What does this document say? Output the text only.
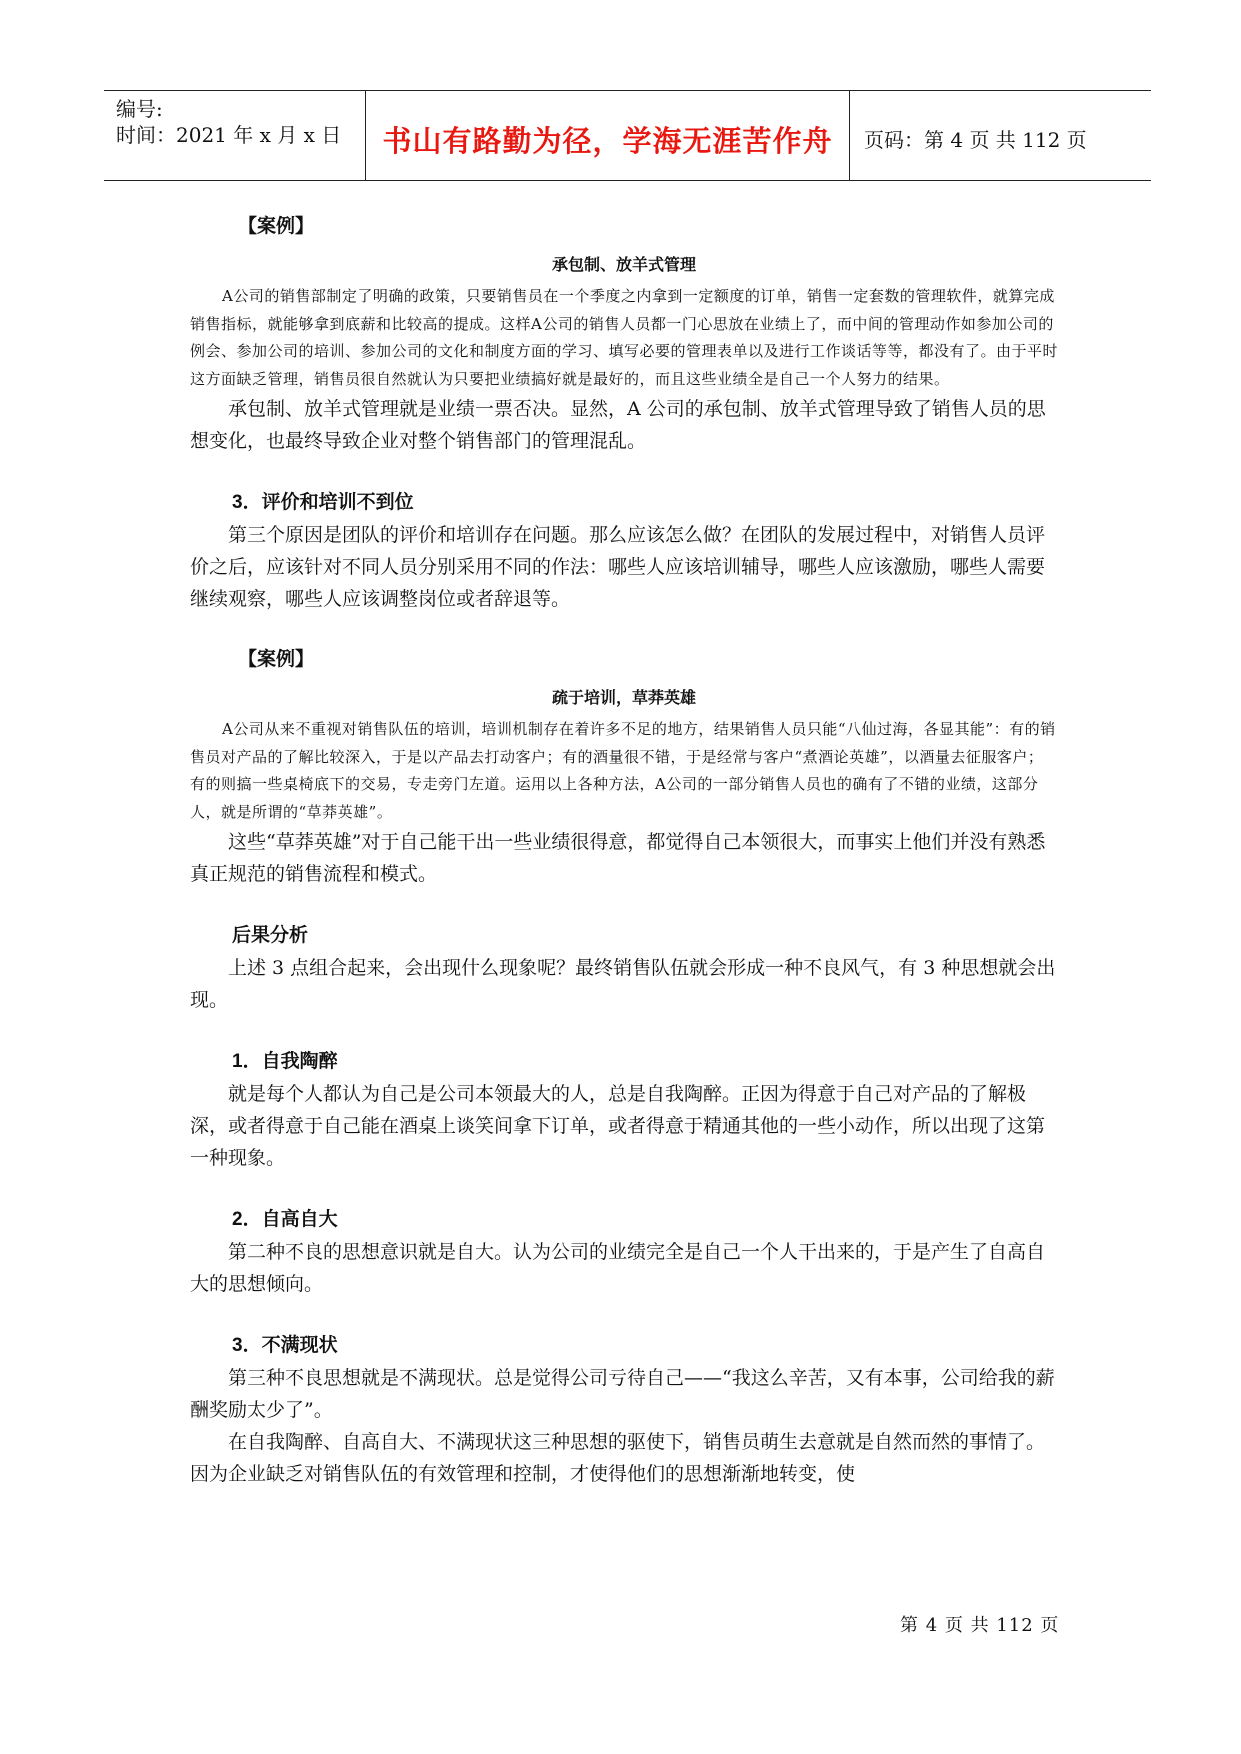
编号:
时间：2021 年 x 月 x 日	书山有路勤为径，学海无涯苦作舟	页码：第 4 页 共 112 页
【案例】
承包制、放羊式管理

A公司的销售部制定了明确的政策，只要销售员在一个季度之内拿到一定额度的订单，销售一定套数的管理软件，就算完成销售指标，就能够拿到底薪和比较高的提成。这样A公司的销售人员都一门心思放在业绩上了，而中间的管理动作如参加公司的例会、参加公司的培训、参加公司的文化和制度方面的学习、填写必要的管理表单以及进行工作谈话等等，都没有了。由于平时这方面缺乏管理，销售员很自然就认为只要把业绩搞好就是最好的，而且这些业绩全是自己一个人努力的结果。

承包制、放羊式管理就是业绩一票否决。显然，A 公司的承包制、放羊式管理导致了销售人员的思想变化，也最终导致企业对整个销售部门的管理混乱。

3．评价和培训不到位

第三个原因是团队的评价和培训存在问题。那么应该怎么做？在团队的发展过程中，对销售人员评价之后，应该针对不同人员分别采用不同的作法：哪些人应该培训辅导，哪些人应该激励，哪些人需要继续观察，哪些人应该调整岗位或者辞退等。

【案例】
疏于培训，草莽英雄

A公司从来不重视对销售队伍的培训，培训机制存在着许多不足的地方，结果销售人员只能“八仙过海，各显其能”：有的销售员对产品的了解比较深入，于是以产品去打动客户；有的酒量很不错，于是经常与客户“煮酒论英雄”，以酒量去征服客户；有的则搞一些桌椅底下的交易，专走旁门左道。运用以上各种方法，A公司的一部分销售人员也的确有了不错的业绩，这部分人，就是所谓的“草莽英雄”。

这些“草莽英雄”对于自己能干出一些业绩很得意，都觉得自己本领很大，而事实上他们并没有熟悉真正规范的销售流程和模式。

后果分析

上述 3 点组合起来，会出现什么现象呢？最终销售队伍就会形成一种不良风气，有 3 种思想就会出现。

1．自我陶醉

就是每个人都认为自己是公司本领最大的人，总是自我陶醉。正因为得意于自己对产品的了解极深，或者得意于自己能在酒桌上谈笑间拿下订单，或者得意于精通其他的一些小动作，所以出现了这第一种现象。

2．自高自大

第二种不良的思想意识就是自大。认为公司的业绩完全是自己一个人干出来的，于是产生了自高自大的思想倾向。

3．不满现状

第三种不良思想就是不满现状。总是觉得公司亏待自己——“我这么辛苦，又有本事，公司给我的薪酬奖励太少了”。

在自我陶醉、自高自大、不满现状这三种思想的驱使下，销售员萌生去意就是自然而然的事情了。因为企业缺乏对销售队伍的有效管理和控制，才使得他们的思想渐渐地转变，使

第 4 页 共 112 页
